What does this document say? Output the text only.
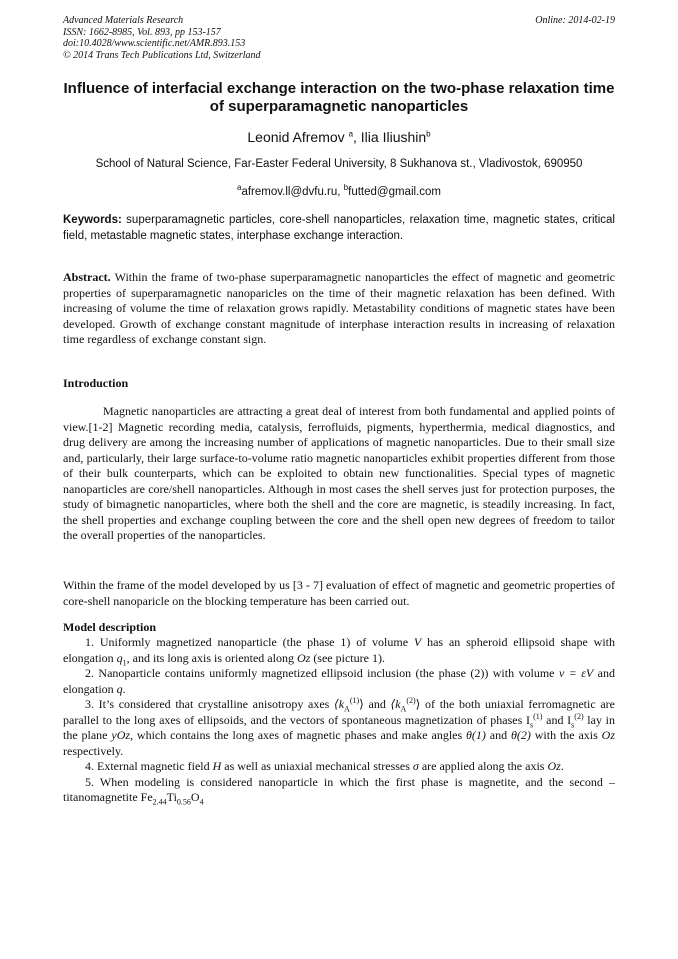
Advanced Materials Research
ISSN: 1662-8985, Vol. 893, pp 153-157
doi:10.4028/www.scientific.net/AMR.893.153
© 2014 Trans Tech Publications Ltd, Switzerland
Online: 2014-02-19
Influence of interfacial exchange interaction on the two-phase relaxation time of superparamagnetic nanoparticles
Leonid Afremov $^a$, Ilia Iliushin$^b$
School of Natural Science, Far-Easter Federal University, 8 Sukhanova st., Vladivostok, 690950
$^a$afremov.ll@dvfu.ru, $^b$futted@gmail.com
Keywords: superparamagnetic particles, core-shell nanoparticles, relaxation time, magnetic states, critical field, metastable magnetic states, interphase exchange interaction.
Abstract. Within the frame of two-phase superparamagnetic nanoparticles the effect of magnetic and geometric properties of superparamagnetic nanoparicles on the time of their magnetic relaxation has been defined. With increasing of volume the time of relaxation grows rapidly. Metastability conditions of magnetic states have been developed. Growth of exchange constant magnitude of interphase interaction results in increasing of relaxation time regardless of exchange constant sign.
Introduction
Magnetic nanoparticles are attracting a great deal of interest from both fundamental and applied points of view.[1-2] Magnetic recording media, catalysis, ferrofluids, pigments, hyperthermia, medical diagnostics, and drug delivery are among the increasing number of applications of magnetic nanoparticles. Due to their small size and, particularly, their large surface-to-volume ratio magnetic nanoparticles exhibit properties different from those of their bulk counterparts, which can be exploited to obtain new functionalities. Special types of magnetic nanoparticles are core/shell nanoparticles. Although in most cases the shell serves just for protection purposes, the study of bimagnetic nanoparticles, where both the shell and the core are magnetic, is steadily increasing. In fact, the shell properties and exchange coupling between the core and the shell open new degrees of freedom to tailor the overall properties of the nanoparticles.
Within the frame of the model developed by us [3 - 7] evaluation of effect of magnetic and geometric properties of core-shell nanoparicle on the blocking temperature has been carried out.
Model description
1. Uniformly magnetized nanoparticle (the phase 1) of volume V has an spheroid ellipsoid shape with elongation $q_1$, and its long axis is oriented along Oz (see picture 1).
2. Nanoparticle contains uniformly magnetized ellipsoid inclusion (the phase (2)) with volume v = εV and elongation q.
3. It’s considered that crystalline anisotropy axes $⟨k_A^{(1)}⟩$ and $⟨k_A^{(2)}⟩$ of the both uniaxial ferromagnetic are parallel to the long axes of ellipsoids, and the vectors of spontaneous magnetization of phases $I_s^{(1)}$ and $I_s^{(2)}$ lay in the plane yOz, which contains the long axes of magnetic phases and make angles θ(1) and θ(2) with the axis Oz respectively.
4. External magnetic field H as well as uniaxial mechanical stresses σ are applied along the axis Oz.
5. When modeling is considered nanoparticle in which the first phase is magnetite, and the second – titanomagnetite $Fe_{2.44}Ti_{0.56}O_4$
